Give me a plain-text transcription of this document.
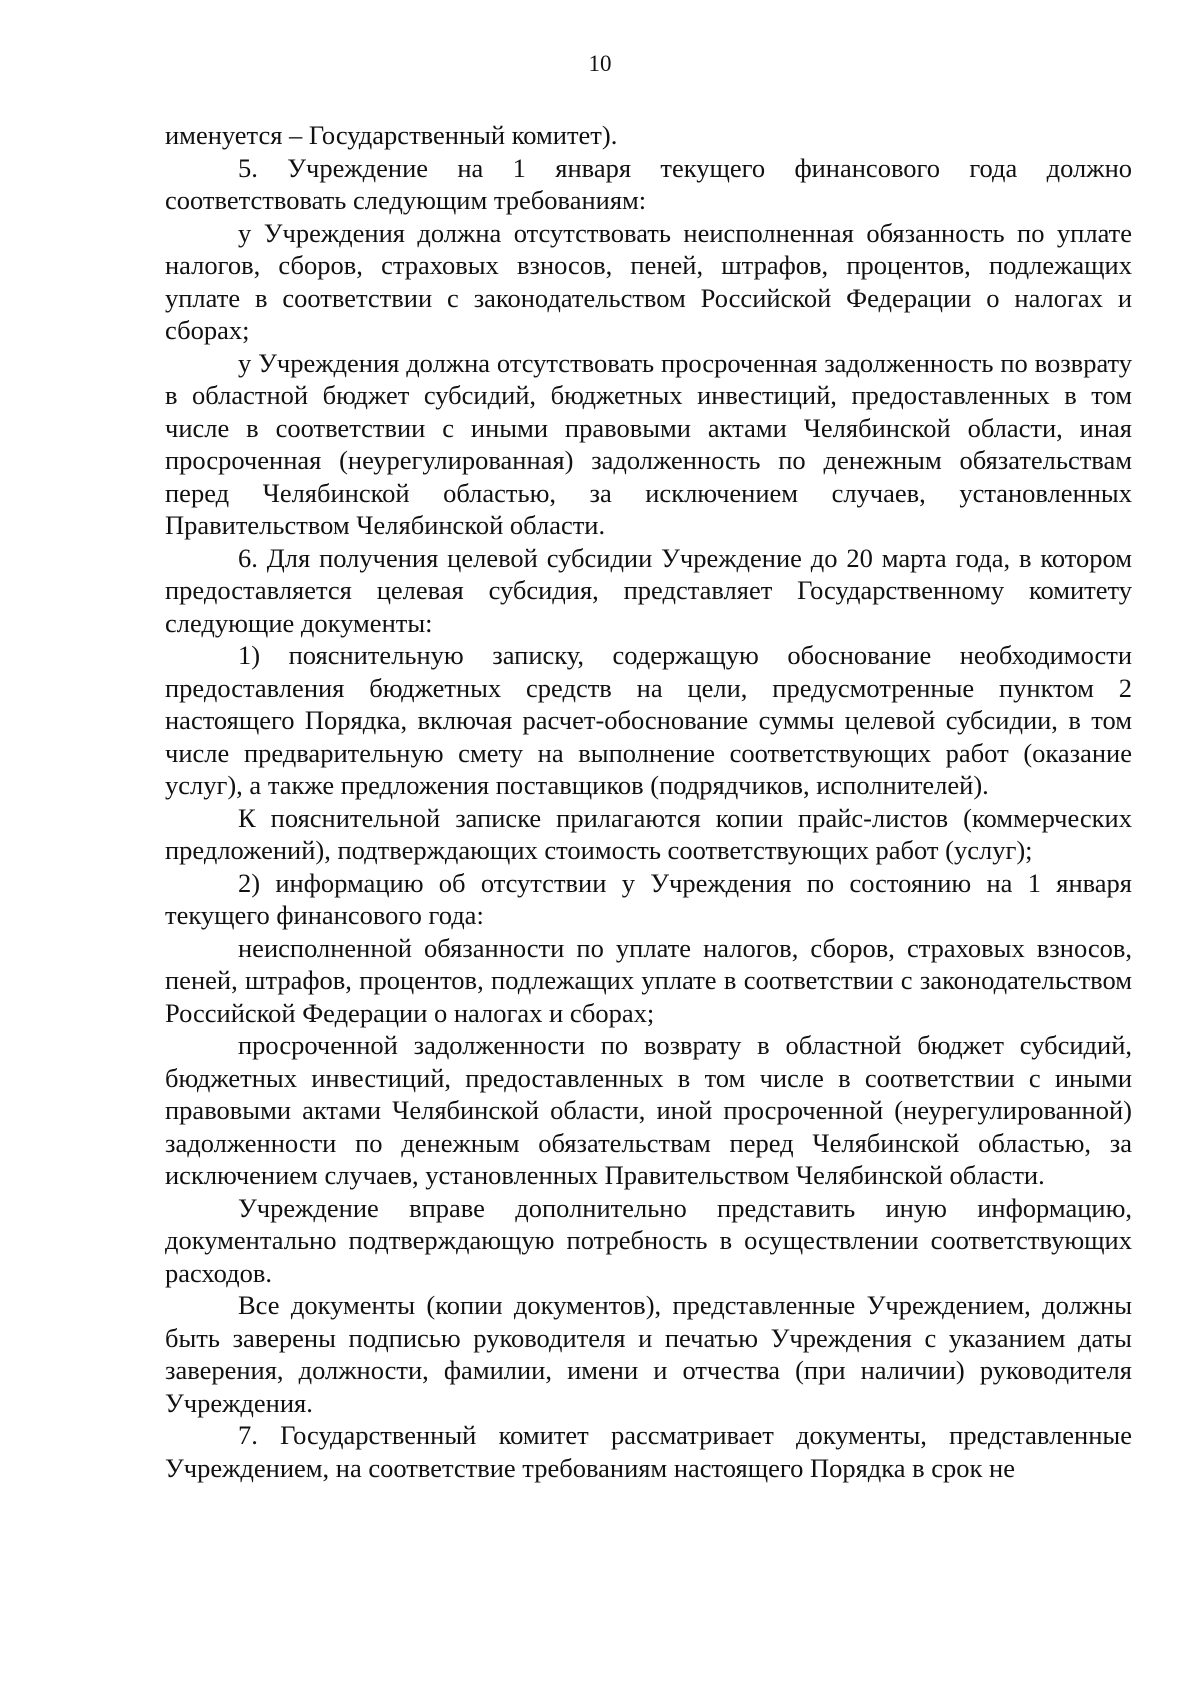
10

именуется – Государственный комитет).

5. Учреждение на 1 января текущего финансового года должно соответствовать следующим требованиям:

у Учреждения должна отсутствовать неисполненная обязанность по уплате налогов, сборов, страховых взносов, пеней, штрафов, процентов, подлежащих уплате в соответствии с законодательством Российской Федерации о налогах и сборах;

у Учреждения должна отсутствовать просроченная задолженность по возврату в областной бюджет субсидий, бюджетных инвестиций, предоставленных в том числе в соответствии с иными правовыми актами Челябинской области, иная просроченная (неурегулированная) задолженность по денежным обязательствам перед Челябинской областью, за исключением случаев, установленных Правительством Челябинской области.

6. Для получения целевой субсидии Учреждение до 20 марта года, в котором предоставляется целевая субсидия, представляет Государственному комитету следующие документы:

1) пояснительную записку, содержащую обоснование необходимости предоставления бюджетных средств на цели, предусмотренные пунктом 2 настоящего Порядка, включая расчет-обоснование суммы целевой субсидии, в том числе предварительную смету на выполнение соответствующих работ (оказание услуг), а также предложения поставщиков (подрядчиков, исполнителей).

К пояснительной записке прилагаются копии прайс-листов (коммерческих предложений), подтверждающих стоимость соответствующих работ (услуг);

2) информацию об отсутствии у Учреждения по состоянию на 1 января текущего финансового года:

неисполненной обязанности по уплате налогов, сборов, страховых взносов, пеней, штрафов, процентов, подлежащих уплате в соответствии с законодательством Российской Федерации о налогах и сборах;

просроченной задолженности по возврату в областной бюджет субсидий, бюджетных инвестиций, предоставленных в том числе в соответствии с иными правовыми актами Челябинской области, иной просроченной (неурегулированной) задолженности по денежным обязательствам перед Челябинской областью, за исключением случаев, установленных Правительством Челябинской области.

Учреждение вправе дополнительно представить иную информацию, документально подтверждающую потребность в осуществлении соответствующих расходов.

Все документы (копии документов), представленные Учреждением, должны быть заверены подписью руководителя и печатью Учреждения с указанием даты заверения, должности, фамилии, имени и отчества (при наличии) руководителя Учреждения.

7. Государственный комитет рассматривает документы, представленные Учреждением, на соответствие требованиям настоящего Порядка в срок не
